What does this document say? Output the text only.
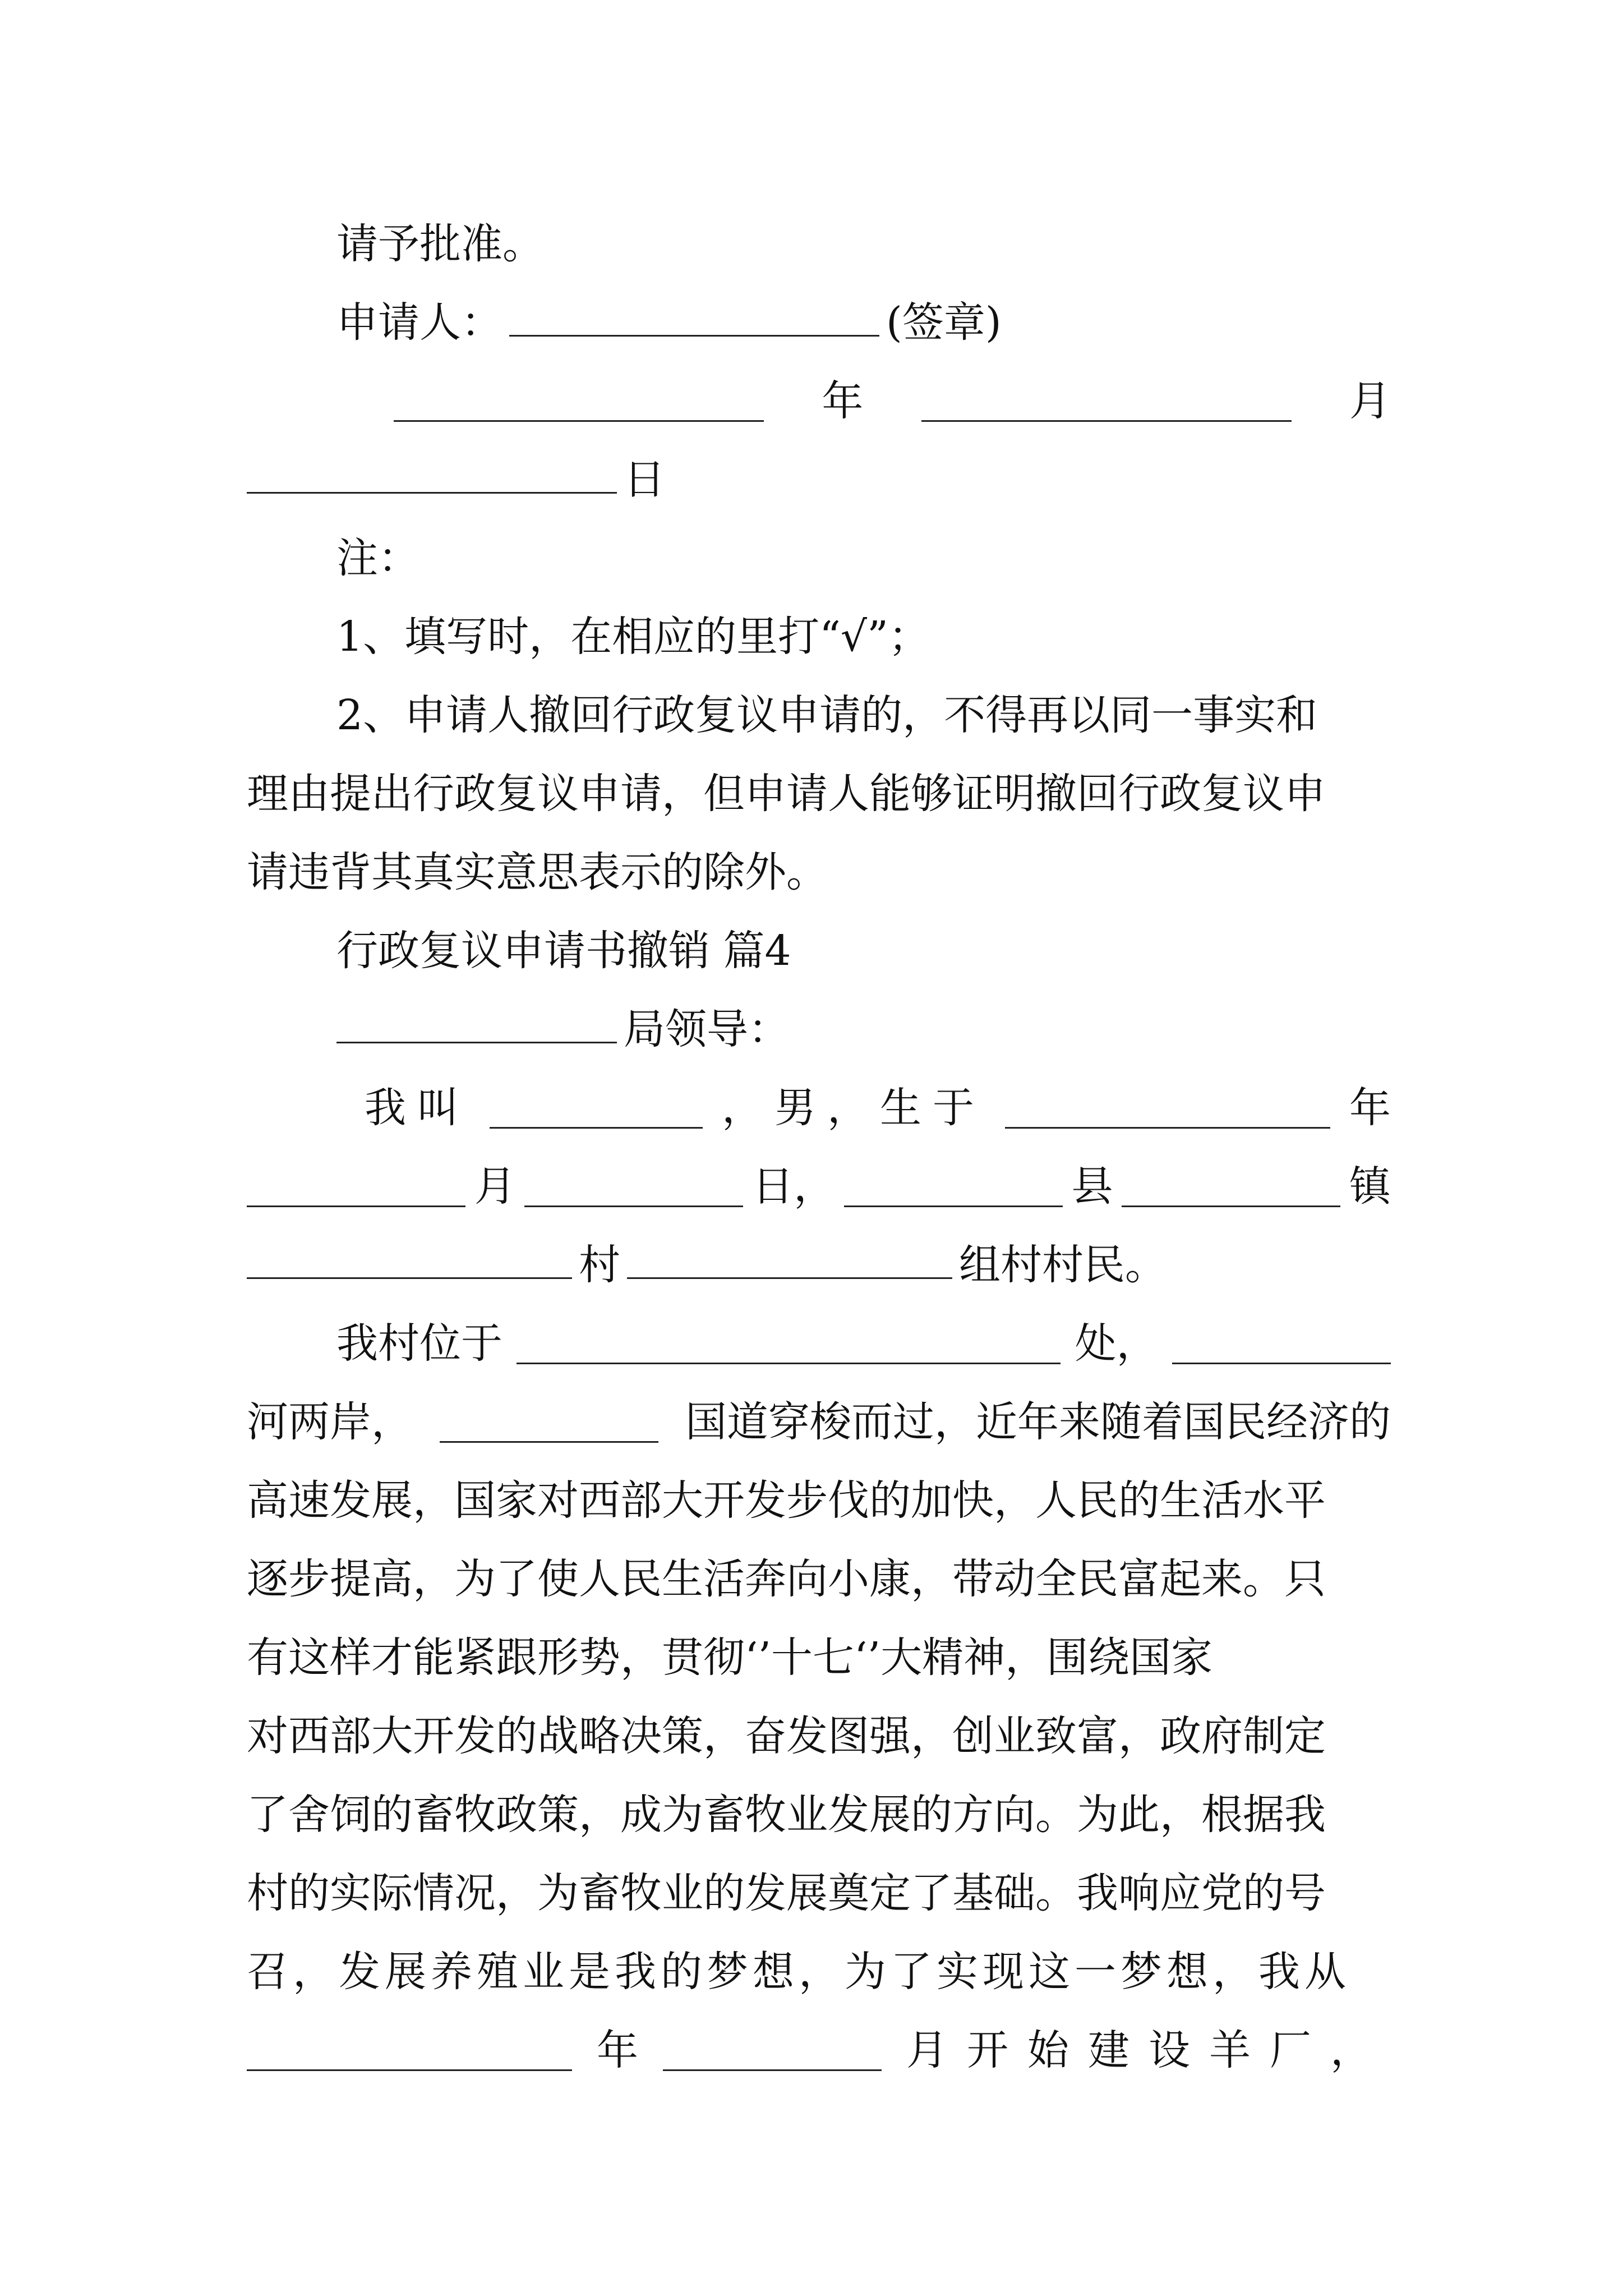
请予批准。
申请人：	(签章)
年	月
日
注：
1、填写时，在相应的里打“√”；
2、申请人撤回行政复议申请的，不得再以同一事实和
理由提出行政复议申请，但申请人能够证明撤回行政复议申
请违背其真实意思表示的除外。
行政复议申请书撤销 篇4
局领导：
我叫	，男，生于	年
月	日，	县	镇
村	组村村民。
我村位于	处，
河两岸，	国道穿梭而过，近年来随着国民经济的
高速发展，国家对西部大开发步伐的加快，人民的生活水平
逐步提高，为了使人民生活奔向小康，带动全民富起来。只
有这样才能紧跟形势，贯彻‘’十七‘’大精神，围绕国家
对西部大开发的战略决策，奋发图强，创业致富，政府制定
了舍饲的畜牧政策，成为畜牧业发展的方向。为此，根据我
村的实际情况，为畜牧业的发展奠定了基础。我响应党的号
召，发展养殖业是我的梦想，为了实现这一梦想，我从
年	月开始建设羊厂，
